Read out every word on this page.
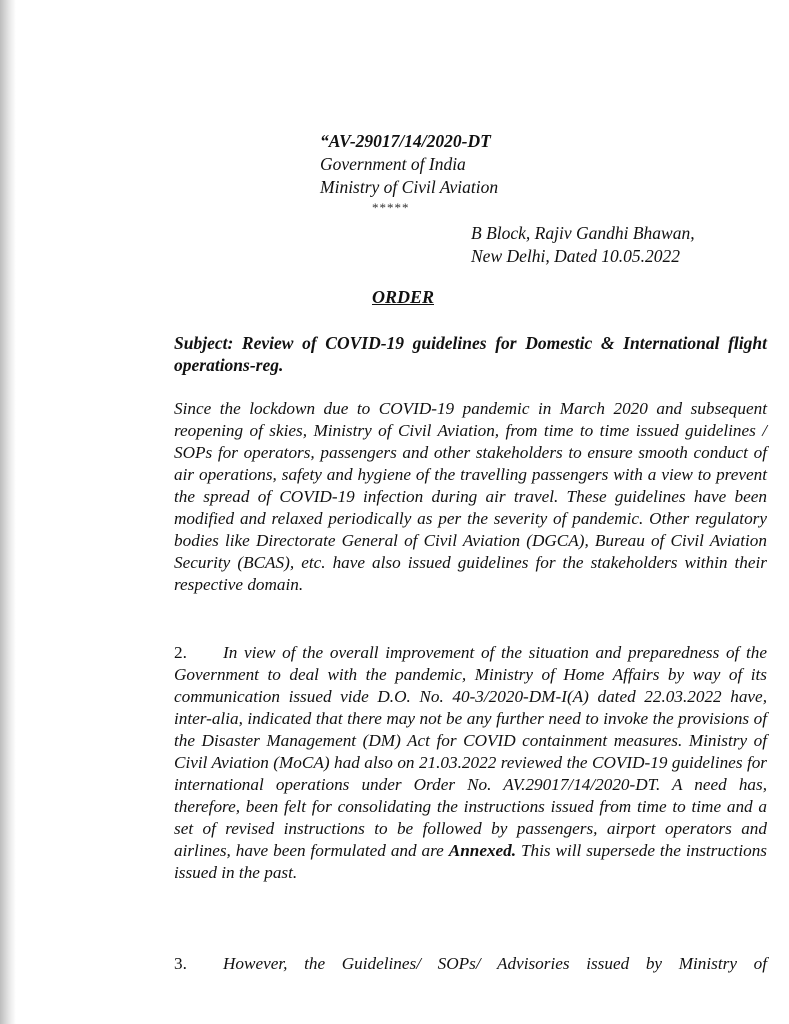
“AV-29017/14/2020-DT
Government of India
Ministry of Civil Aviation
*****
B Block, Rajiv Gandhi Bhawan,
New Delhi, Dated 10.05.2022
ORDER
Subject: Review of COVID-19 guidelines for Domestic & International flight operations-reg.
Since the lockdown due to COVID-19 pandemic in March 2020 and subsequent reopening of skies, Ministry of Civil Aviation, from time to time issued guidelines / SOPs for operators, passengers and other stakeholders to ensure smooth conduct of air operations, safety and hygiene of the travelling passengers with a view to prevent the spread of COVID-19 infection during air travel. These guidelines have been modified and relaxed periodically as per the severity of pandemic. Other regulatory bodies like Directorate General of Civil Aviation (DGCA), Bureau of Civil Aviation Security (BCAS), etc. have also issued guidelines for the stakeholders within their respective domain.
2. In view of the overall improvement of the situation and preparedness of the Government to deal with the pandemic, Ministry of Home Affairs by way of its communication issued vide D.O. No. 40-3/2020-DM-I(A) dated 22.03.2022 have, inter-alia, indicated that there may not be any further need to invoke the provisions of the Disaster Management (DM) Act for COVID containment measures. Ministry of Civil Aviation (MoCA) had also on 21.03.2022 reviewed the COVID-19 guidelines for international operations under Order No. AV.29017/14/2020-DT. A need has, therefore, been felt for consolidating the instructions issued from time to time and a set of revised instructions to be followed by passengers, airport operators and airlines, have been formulated and are Annexed. This will supersede the instructions issued in the past.
3. However, the Guidelines/ SOPs/ Advisories issued by Ministry of
